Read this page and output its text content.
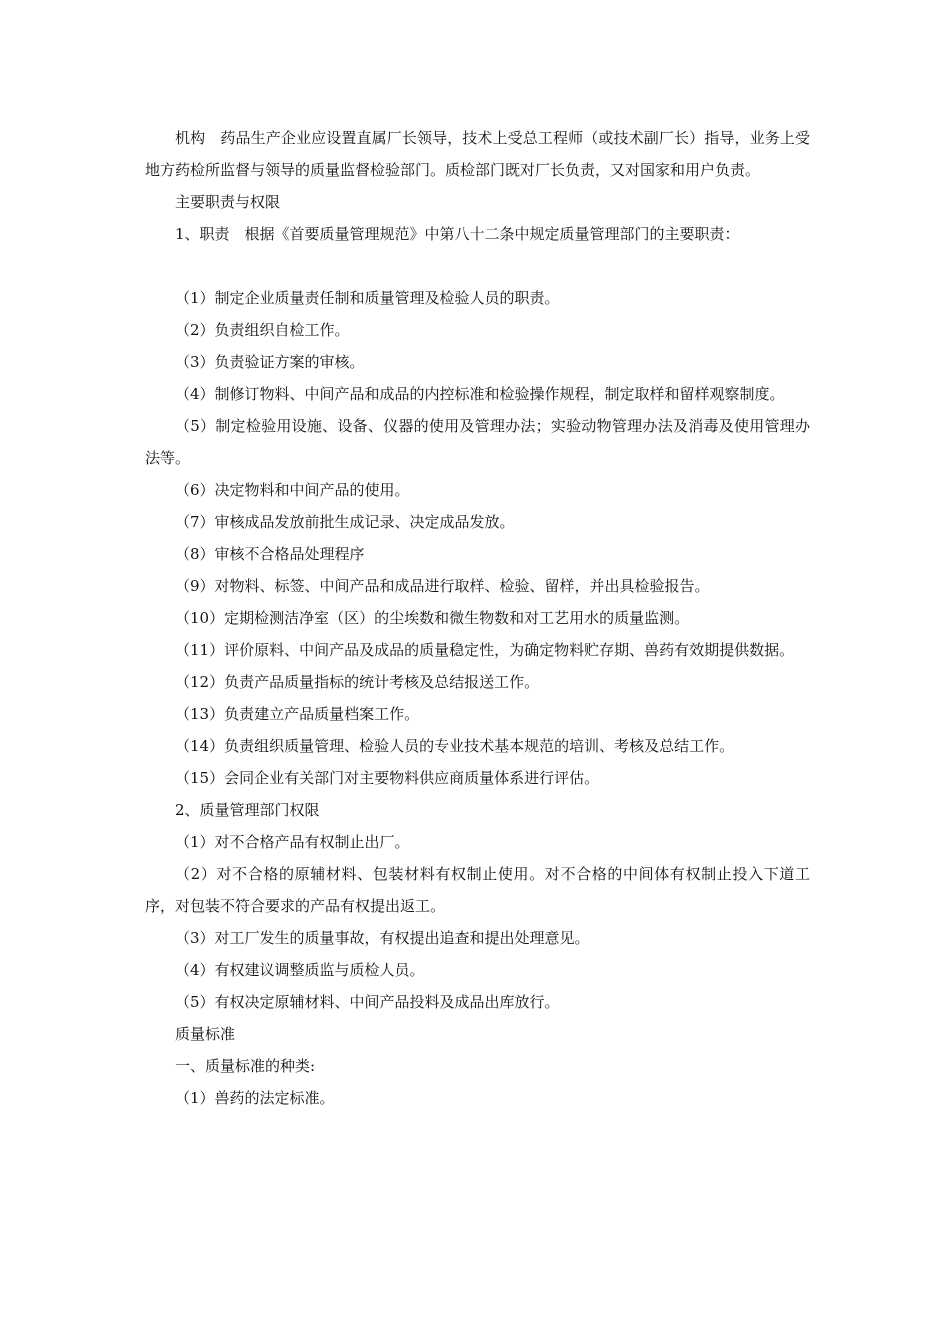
机构　药品生产企业应设置直属厂长领导，技术上受总工程师（或技术副厂长）指导，业务上受地方药检所监督与领导的质量监督检验部门。质检部门既对厂长负责，又对国家和用户负责。

主要职责与权限

1、职责　根据《首要质量管理规范》中第八十二条中规定质量管理部门的主要职责：

（1）制定企业质量责任制和质量管理及检验人员的职责。

（2）负责组织自检工作。

（3）负责验证方案的审核。

（4）制修订物料、中间产品和成品的内控标准和检验操作规程，制定取样和留样观察制度。

（5）制定检验用设施、设备、仪器的使用及管理办法；实验动物管理办法及消毒及使用管理办法等。

（6）决定物料和中间产品的使用。

（7）审核成品发放前批生成记录、决定成品发放。

（8）审核不合格品处理程序

（9）对物料、标签、中间产品和成品进行取样、检验、留样，并出具检验报告。

（10）定期检测洁净室（区）的尘埃数和微生物数和对工艺用水的质量监测。

（11）评价原料、中间产品及成品的质量稳定性，为确定物料贮存期、兽药有效期提供数据。

（12）负责产品质量指标的统计考核及总结报送工作。

（13）负责建立产品质量档案工作。

（14）负责组织质量管理、检验人员的专业技术基本规范的培训、考核及总结工作。

（15）会同企业有关部门对主要物料供应商质量体系进行评估。

2、质量管理部门权限

（1）对不合格产品有权制止出厂。

（2）对不合格的原辅材料、包装材料有权制止使用。对不合格的中间体有权制止投入下道工序，对包装不符合要求的产品有权提出返工。

（3）对工厂发生的质量事故，有权提出追查和提出处理意见。

（4）有权建议调整质监与质检人员。

（5）有权决定原辅材料、中间产品投料及成品出库放行。

质量标准

一、质量标准的种类:

（1）兽药的法定标准。
